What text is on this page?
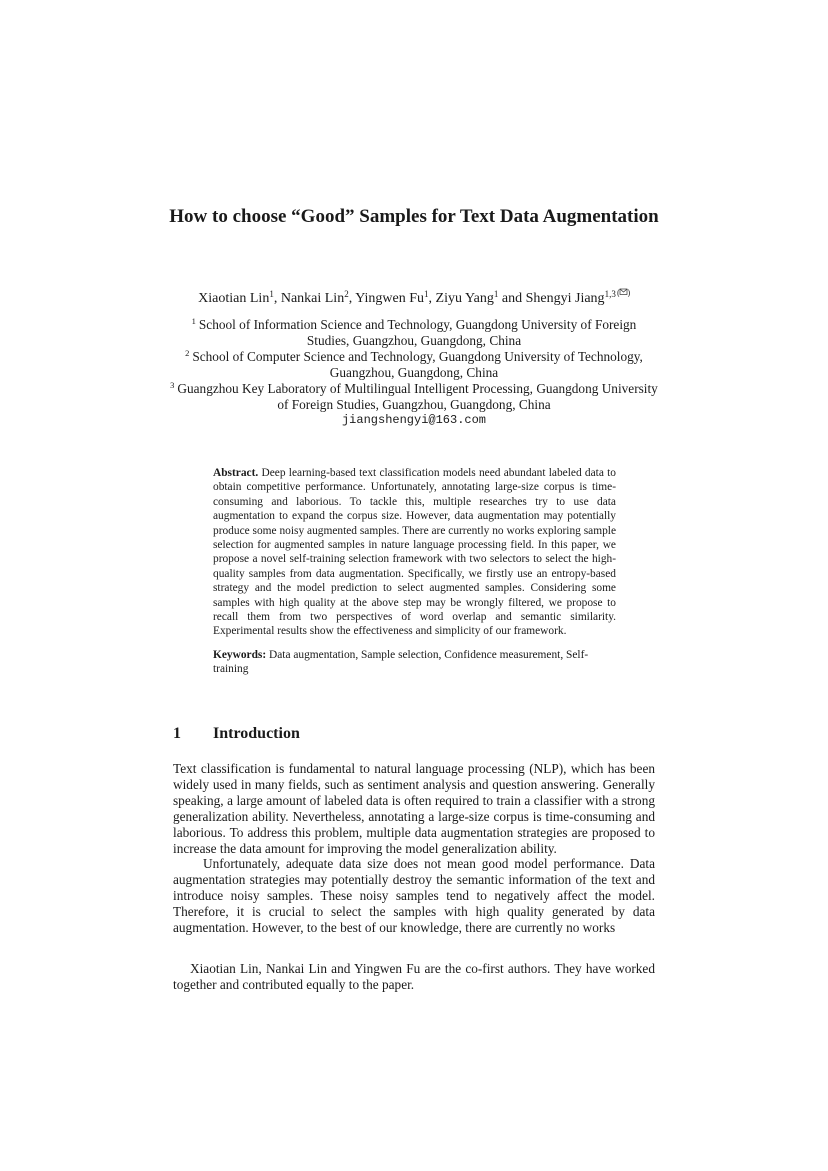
How to choose “Good” Samples for Text Data Augmentation
Xiaotian Lin$^1$, Nankai Lin$^2$, Yingwen Fu$^1$, Ziyu Yang$^1$ and Shengyi Jiang$^{1,3}$ ( )

$^1$ School of Information Science and Technology, Guangdong University of Foreign Studies, Guangzhou, Guangdong, China

$^2$ School of Computer Science and Technology, Guangdong University of Technology, Guangzhou, Guangdong, China

$^3$ Guangzhou Key Laboratory of Multilingual Intelligent Processing, Guangdong University of Foreign Studies, Guangzhou, Guangdong, China

jiangshengyi@163.com

Abstract. Deep learning-based text classification models need abundant labeled data to obtain competitive performance. Unfortunately, annotating large-size corpus is time-consuming and laborious. To tackle this, multiple researches try to use data augmentation to expand the corpus size. However, data augmentation may potentially produce some noisy augmented samples. There are currently no works exploring sample selection for augmented samples in nature language processing field. In this paper, we propose a novel self-training selection framework with two selectors to select the high-quality samples from data augmentation. Specifically, we firstly use an entropy-based strategy and the model prediction to select augmented samples. Considering some samples with high quality at the above step may be wrongly filtered, we propose to recall them from two perspectives of word overlap and semantic similarity. Experimental results show the effectiveness and simplicity of our framework.

Keywords: Data augmentation, Sample selection, Confidence measurement, Self-training

1 Introduction

Text classification is fundamental to natural language processing (NLP), which has been widely used in many fields, such as sentiment analysis and question answering. Generally speaking, a large amount of labeled data is often required to train a classifier with a strong generalization ability. Nevertheless, annotating a large-size corpus is time-consuming and laborious. To address this problem, multiple data augmentation strategies are proposed to increase the data amount for improving the model generalization ability.

Unfortunately, adequate data size does not mean good model performance. Data augmentation strategies may potentially destroy the semantic information of the text and introduce noisy samples. These noisy samples tend to negatively affect the model. Therefore, it is crucial to select the samples with high quality generated by data augmentation. However, to the best of our knowledge, there are currently no works

Xiaotian Lin, Nankai Lin and Yingwen Fu are the co-first authors. They have worked together and contributed equally to the paper.
